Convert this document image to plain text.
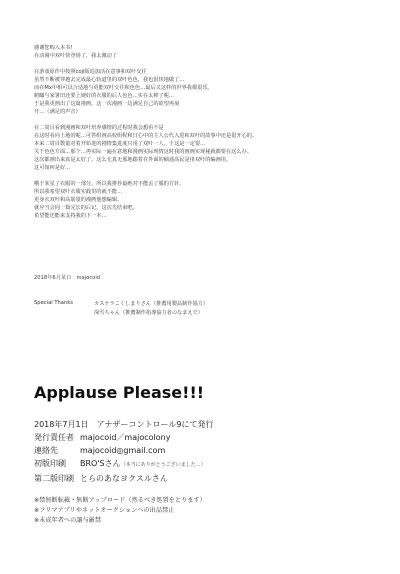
感谢您购入本书!
在动漫中双叶快登场了，我太激动了
在游戏原作中按照coji版追加活在意事和双叶交往
虽然不断被穿越去完成最心轨道里的双叶色色，我也很快地做了…
而在Mx中相可以合适地与更能双叶交往和色色…最后又这样的世界我都很乐。
俯瞰与家署田还要上她好的衣服的后人色色…实在太棒了呢…
于是我更画出了这篇漫画。这一次漫画一边满足自己的欲望再展
开…（满足的声音）
在二周目看到漫画和双叶培养感情的过程时我会想看不是
在这时看向上地的呢…可答组画高校组程和日心中的主人公代入进和双叶的故事中还是很开心的。
本来二周目数量对着开始进的剧情集进度只用了双叶一人，于这是一定要…
关于色色方面…那个…再实际一遍在意地和漫画实际现情这时我的画画实现秘就都要在这么办。
这次都画出来真是太好了。这么无真无那地跟着在外面的稿通高民是用双叶的编画用。
这可如何是好…
哦于某星了衣服的一部分，所以我推荐最绝对不能丢了服的方针。
所以我希望双叶衣服实践里的就不能…
更身衣双叶和高筋量的漫画他想编辑。
就应当会同一篇完长的后记，这次先结束吧。
希望能还能来支持我的下一本…
2018年6月某日　majocoid
Special Thanks	カステラこくしまりさん（推薦用製品制作協力）
深雪ちゃん（推薦制作指導協力者のなまえで）
Applause Please!!!
2018年7月1日　アナザーコントロール9にて発行
発行責任者 majocoid／majocolony
連絡先	majocoid◎gmail.com
初版印刷	BRO'Sさん（本当にありがとうございました…）
第二版印刷 とらのあなヨクスルさん
※禁無断転載・無断アップロード（然るべき処置をとります）
※フリマアプリやネットオークションへの出品禁止
※未成年者への譲与厳禁
